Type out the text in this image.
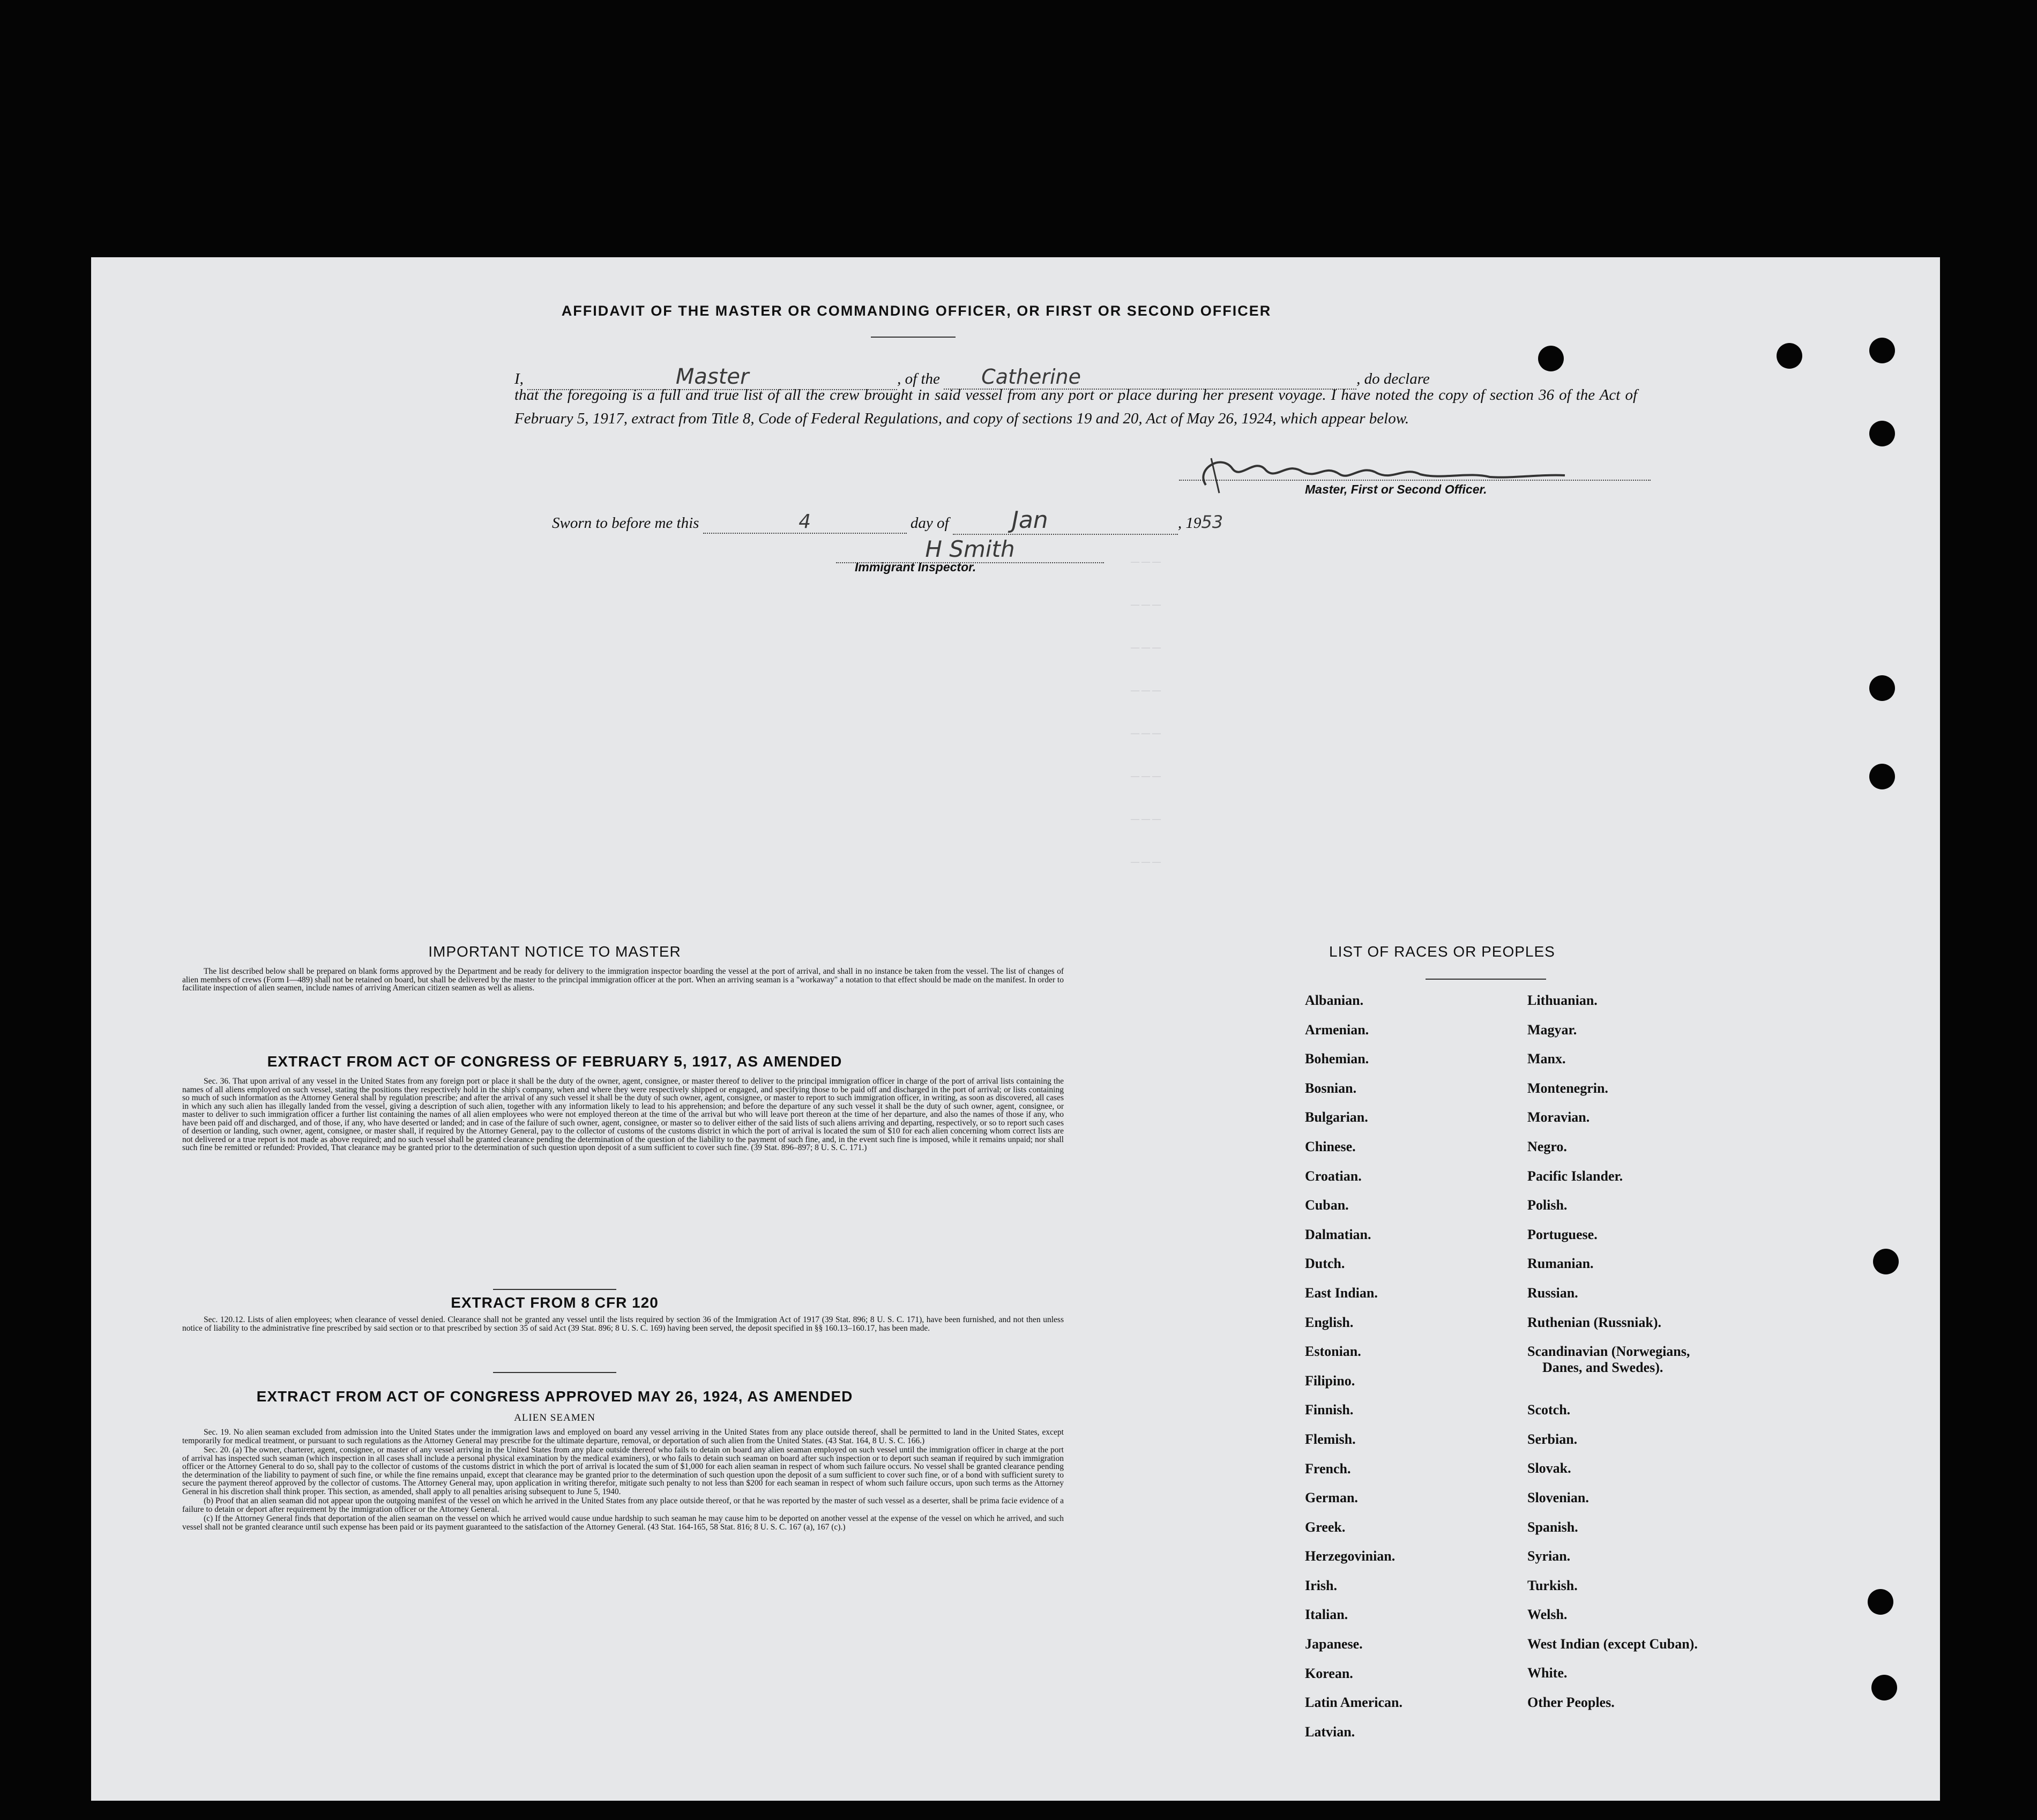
— — —
— — —
— — —
— — —
— — —
— — —
— — —
— — —
AFFIDAVIT OF THE MASTER OR COMMANDING OFFICER, OR FIRST OR SECOND OFFICER
I,	Master	, of the Catherine	, do declare
that the foregoing is a full and true list of all the crew brought in said vessel from any port or place during her present voyage. I have noted the copy of section 36 of the Act of February 5, 1917, extract from Title 8, Code of Federal Regulations, and copy of sections 19 and 20, Act of May 26, 1924, which appear below.
Master, First or Second Officer.
Sworn to before me this	4	day of	Jan	, 1953
H Smith
Immigrant Inspector.
IMPORTANT NOTICE TO MASTER

The list described below shall be prepared on blank forms approved by the Department and be ready for delivery to the immigration inspector boarding the vessel at the port of arrival, and shall in no instance be taken from the vessel. The list of changes of alien members of crews (Form I—489) shall not be retained on board, but shall be delivered by the master to the principal immigration officer at the port. When an arriving seaman is a "workaway" a notation to that effect should be made on the manifest. In order to facilitate inspection of alien seamen, include names of arriving American citizen seamen as well as aliens.

EXTRACT FROM ACT OF CONGRESS OF FEBRUARY 5, 1917, AS AMENDED

Sec. 36. That upon arrival of any vessel in the United States from any foreign port or place it shall be the duty of the owner, agent, consignee, or master thereof to deliver to the principal immigration officer in charge of the port of arrival lists containing the names of all aliens employed on such vessel, stating the positions they respectively hold in the ship's company, when and where they were respectively shipped or engaged, and specifying those to be paid off and discharged in the port of arrival; or lists containing so much of such information as the Attorney General shall by regulation prescribe; and after the arrival of any such vessel it shall be the duty of such owner, agent, consignee, or master to report to such immigration officer, in writing, as soon as discovered, all cases in which any such alien has illegally landed from the vessel, giving a description of such alien, together with any information likely to lead to his apprehension; and before the departure of any such vessel it shall be the duty of such owner, agent, consignee, or master to deliver to such immigration officer a further list containing the names of all alien employees who were not employed thereon at the time of the arrival but who will leave port thereon at the time of her departure, and also the names of those if any, who have been paid off and discharged, and of those, if any, who have deserted or landed; and in case of the failure of such owner, agent, consignee, or master so to deliver either of the said lists of such aliens arriving and departing, respectively, or so to report such cases of desertion or landing, such owner, agent, consignee, or master shall, if required by the Attorney General, pay to the collector of customs of the customs district in which the port of arrival is located the sum of $10 for each alien concerning whom correct lists are not delivered or a true report is not made as above required; and no such vessel shall be granted clearance pending the determination of the question of the liability to the payment of such fine, and, in the event such fine is imposed, while it remains unpaid; nor shall such fine be remitted or refunded: Provided, That clearance may be granted prior to the determination of such question upon deposit of a sum sufficient to cover such fine. (39 Stat. 896–897; 8 U. S. C. 171.)

EXTRACT FROM 8 CFR 120

Sec. 120.12. Lists of alien employees; when clearance of vessel denied. Clearance shall not be granted any vessel until the lists required by section 36 of the Immigration Act of 1917 (39 Stat. 896; 8 U. S. C. 171), have been furnished, and not then unless notice of liability to the administrative fine prescribed by said section or to that prescribed by section 35 of said Act (39 Stat. 896; 8 U. S. C. 169) having been served, the deposit specified in §§ 160.13–160.17, has been made.

EXTRACT FROM ACT OF CONGRESS APPROVED MAY 26, 1924, AS AMENDED
ALIEN SEAMEN

Sec. 19. No alien seaman excluded from admission into the United States under the immigration laws and employed on board any vessel arriving in the United States from any place outside thereof, shall be permitted to land in the United States, except temporarily for medical treatment, or pursuant to such regulations as the Attorney General may prescribe for the ultimate departure, removal, or deportation of such alien from the United States. (43 Stat. 164, 8 U. S. C. 166.)

Sec. 20. (a) The owner, charterer, agent, consignee, or master of any vessel arriving in the United States from any place outside thereof who fails to detain on board any alien seaman employed on such vessel until the immigration officer in charge at the port of arrival has inspected such seaman (which inspection in all cases shall include a personal physical examination by the medical examiners), or who fails to detain such seaman on board after such inspection or to deport such seaman if required by such immigration officer or the Attorney General to do so, shall pay to the collector of customs of the customs district in which the port of arrival is located the sum of $1,000 for each alien seaman in respect of whom such failure occurs. No vessel shall be granted clearance pending the determination of the liability to payment of such fine, or while the fine remains unpaid, except that clearance may be granted prior to the determination of such question upon the deposit of a sum sufficient to cover such fine, or of a bond with sufficient surety to secure the payment thereof approved by the collector of customs. The Attorney General may, upon application in writing therefor, mitigate such penalty to not less than $200 for each seaman in respect of whom such failure occurs, upon such terms as the Attorney General in his discretion shall think proper. This section, as amended, shall apply to all penalties arising subsequent to June 5, 1940.

(b) Proof that an alien seaman did not appear upon the outgoing manifest of the vessel on which he arrived in the United States from any place outside thereof, or that he was reported by the master of such vessel as a deserter, shall be prima facie evidence of a failure to detain or deport after requirement by the immigration officer or the Attorney General.

(c) If the Attorney General finds that deportation of the alien seaman on the vessel on which he arrived would cause undue hardship to such seaman he may cause him to be deported on another vessel at the expense of the vessel on which he arrived, and such vessel shall not be granted clearance until such expense has been paid or its payment guaranteed to the satisfaction of the Attorney General. (43 Stat. 164-165, 58 Stat. 816; 8 U. S. C. 167 (a), 167 (c).)

LIST OF RACES OR PEOPLES
Albanian.
Armenian.
Bohemian.
Bosnian.
Bulgarian.
Chinese.
Croatian.
Cuban.
Dalmatian.
Dutch.
East Indian.
English.
Estonian.
Filipino.
Finnish.
Flemish.
French.
German.
Greek.
Herzegovinian.
Irish.
Italian.
Japanese.
Korean.
Latin American.
Latvian.
Lithuanian.
Magyar.
Manx.
Montenegrin.
Moravian.
Negro.
Pacific Islander.
Polish.
Portuguese.
Rumanian.
Russian.
Ruthenian (Russniak).
Scandinavian (Norwegians,
Danes, and Swedes).
Scotch.
Serbian.
Slovak.
Slovenian.
Spanish.
Syrian.
Turkish.
Welsh.
West Indian (except Cuban).
White.
Other Peoples.
